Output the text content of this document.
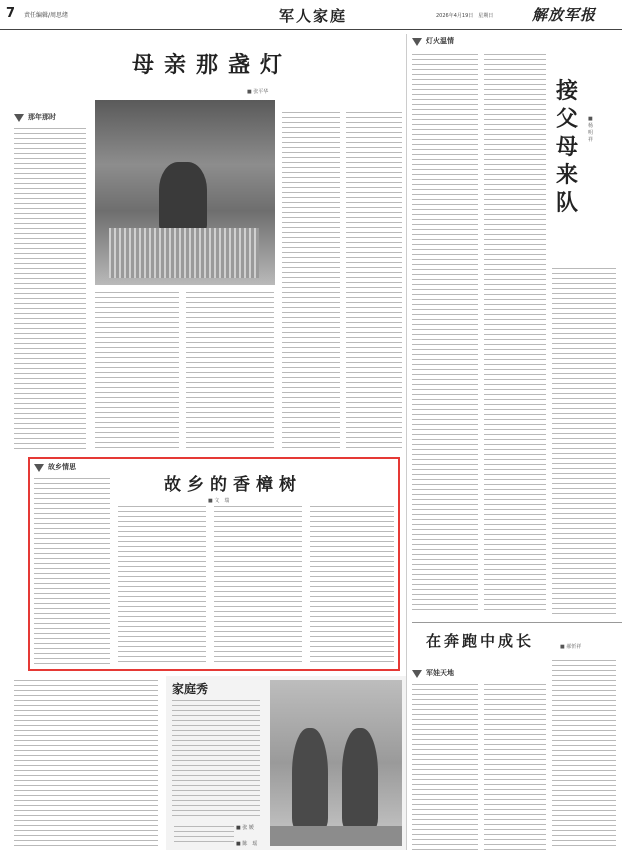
7 责任编辑/周思绪	军人家庭	2026年4月19日　星期日	解放军报
母亲那盏灯
■ 张平华
那年那时
故乡情思
故乡的香樟树
■ 文　瑞
灯火温情
接父母来队
■ 杨明祥
在奔跑中成长	■ 郝忻祥
军娃天地
家庭秀
■ 张 媛
■ 陈　瑶
